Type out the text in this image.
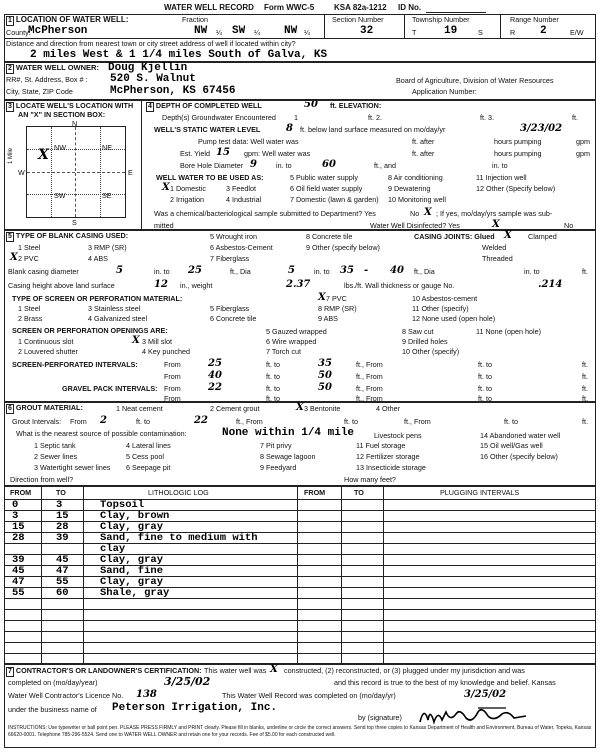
WATER WELL RECORD Form WWC-5 KSA 82a-1212 ID No.
1 LOCATION OF WATER WELL:	Fraction	Section Number	Township Number	Range Number
County:
McPherson	NW ¼ SW ¼ NW ¼	32	T	19	S	R 2	E/W
Distance and direction from nearest town or city street address of well if located within city?
2 miles West & 1 1/4 miles South of Galva, KS
2 WATER WELL OWNER: Doug Kjellin
RR#, St. Address, Box # : 520 S. Walnut
City, State, ZIP Code	McPherson, KS 67456
Board of Agriculture, Division of Water Resources
Application Number:
3 LOCATE WELL'S LOCATION WITH
AN "X" IN SECTION BOX:
N
S
E
W
NW	NE
SW	SE
1 Mile X
4 DEPTH OF COMPLETED WELL	50 ft. ELEVATION:
Depth(s) Groundwater Encountered	1	ft. 2.	ft. 3.	ft.
WELL'S STATIC WATER LEVEL	8 ft. below land surface measured on mo/day/yr	3/23/02
Pump test data: Well water was	ft. after	hours pumping	gpm
Est. Yield 15 gpm: Well water was	ft. after	hours pumping	gpm
Bore Hole Diameter 9	in. to	60	ft., and	in. to
WELL WATER TO BE USED AS:	5 Public water supply	8 Air conditioning	11 Injection well
1 Domestic
X	3 Feedlot	6 Oil field water supply	9 Dewatering	12 Other (Specify below)
2 Irrigation	4 Industrial	7 Domestic (lawn & garden) 10 Monitoring well
Was a chemical/bacteriological sample submitted to Department? Yes	No X ; If yes, mo/day/yrs sample was sub-
mitted	Water Well Disinfected? Yes	X	No
5 TYPE OF BLANK CASING USED:	5 Wrought iron	8 Concrete tile	CASING JOINTS: Glued X Clamped
1 Steel	3 RMP (SR)	6 Asbestos-Cement	9 Other (specify below)	Welded
2 PVC
X	4 ABS	7 Fiberglass	Threaded
Blank casing diameter	5	in. to 25	ft., Dia	5	in. to 35 - 40 ft., Dia	in. to	ft.
Casing height above land surface	12 in., weight	2.37	lbs./ft. Wall thickness or gauge No.	.214
TYPE OF SCREEN OR PERFORATION MATERIAL:	7 PVC
X	10 Asbestos-cement
1 Steel	3 Stainless steel	5 Fiberglass	8 RMP (SR)	11 Other (specify)
2 Brass	4 Galvanized steel	6 Concrete tile	9 ABS	12 None used (open hole)
SCREEN OR PERFORATION OPENINGS ARE:	5 Gauzed wrapped	8 Saw cut	11 None (open hole)
1 Continuous slot	3 Mill slot
X	6 Wire wrapped	9 Drilled holes
2 Louvered shutter	4 Key punched	7 Torch cut	10 Other (specify)
SCREEN-PERFORATED INTERVALS:	From	25	ft. to	35	ft., From	ft. to	ft.
From	40	ft. to	50	ft., From	ft. to	ft.
GRAVEL PACK INTERVALS: From	22	ft. to	50	ft., From	ft. to	ft.
From	ft. to	ft., From	ft. to	ft.
6 GROUT MATERIAL:	1 Neat cement	2 Cement grout	3 Bentonite
X	4 Other
Grout Intervals: From 2	ft. to	22	ft., From	ft. to	ft., From	ft. to	ft.
What is the nearest source of possible contamination:	None within 1/4 mile	Livestock pens	14 Abandoned water well
1 Septic tank	4 Lateral lines	7 Pit privy	11 Fuel storage	15 Oil well/Gas well
2 Sewer lines	5 Cess pool	8 Sewage lagoon	12 Fertilizer storage	16 Other (specify below)
3 Watertight sewer lines 6 Seepage pit	9 Feedyard	13 Insecticide storage
Direction from well?	How many feet?
FROM	TO	LITHOLOGIC LOG	FROM	TO	PLUGGING INTERVALS
0	3	Topsoil
3	15	Clay, brown
15	28	Clay, gray
28	39	Sand, fine to medium with
clay
39	45	Clay, gray
45	47	Sand, fine
47	55	Clay, gray
55	60	Shale, gray
7 CONTRACTOR'S OR LANDOWNER'S CERTIFICATION: This water well was X constructed, (2) reconstructed, or (3) plugged under my jurisdiction and was
completed on (mo/day/year)	3/25/02	and this record is true to the best of my knowledge and belief. Kansas
Water Well Contractor's Licence No. 138	This Water Well Record was completed on (mo/day/yr)	3/25/02
under the business name of Peterson Irrigation, Inc.
by (signature)
INSTRUCTIONS: Use typewriter or ball point pen. PLEASE PRESS FIRMLY and PRINT clearly. Please fill in blanks, underline or circle the correct answers. Send top three copies to Kansas Department of Health and Environment, Bureau of Water, Topeka, Kansas 66620-0001. Telephone 785-296-5524. Send one to WATER WELL OWNER and retain one for your records. Fee of $5.00 for each constructed well.
